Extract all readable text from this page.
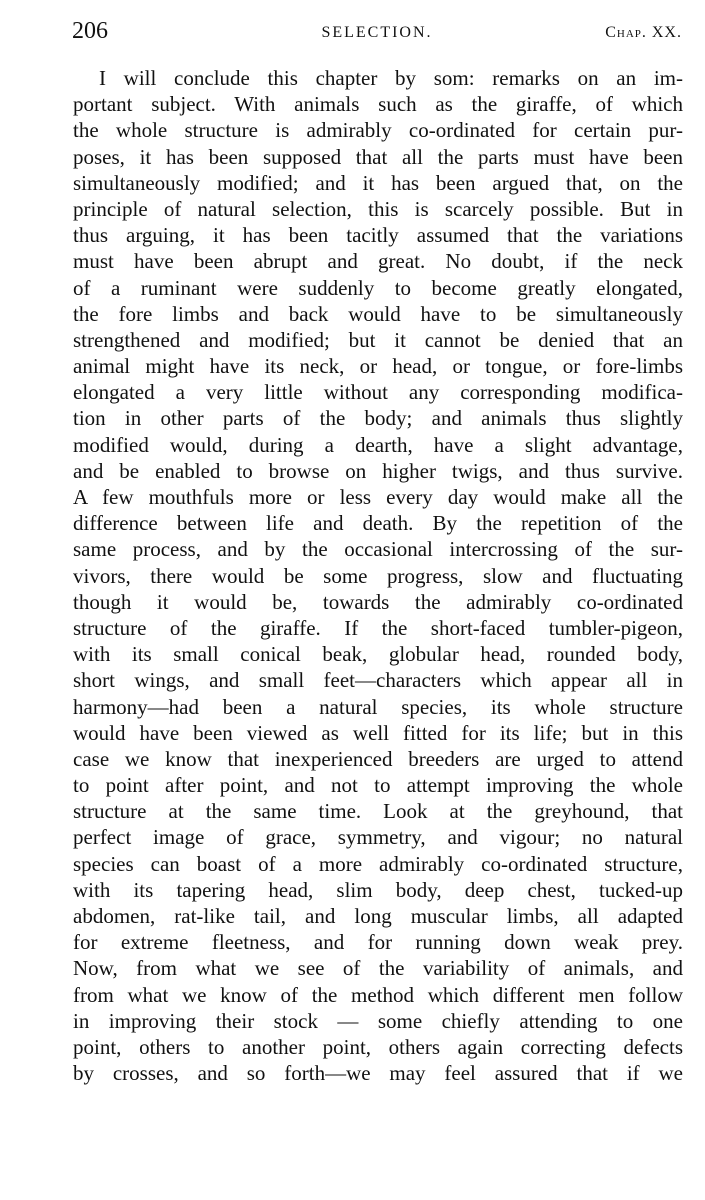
206	SELECTION.	Chap. XX.
I will conclude this chapter by som: remarks on an im-
portant subject. With animals such as the giraffe, of which
the whole structure is admirably co-ordinated for certain pur-
poses, it has been supposed that all the parts must have been
simultaneously modified; and it has been argued that, on the
principle of natural selection, this is scarcely possible. But in
thus arguing, it has been tacitly assumed that the variations
must have been abrupt and great. No doubt, if the neck
of a ruminant were suddenly to become greatly elongated,
the fore limbs and back would have to be simultaneously
strengthened and modified; but it cannot be denied that an
animal might have its neck, or head, or tongue, or fore-limbs
elongated a very little without any corresponding modifica-
tion in other parts of the body; and animals thus slightly
modified would, during a dearth, have a slight advantage,
and be enabled to browse on higher twigs, and thus survive.
A few mouthfuls more or less every day would make all the
difference between life and death. By the repetition of the
same process, and by the occasional intercrossing of the sur-
vivors, there would be some progress, slow and fluctuating
though it would be, towards the admirably co-ordinated
structure of the giraffe. If the short-faced tumbler-pigeon,
with its small conical beak, globular head, rounded body,
short wings, and small feet—characters which appear all in
harmony—had been a natural species, its whole structure
would have been viewed as well fitted for its life; but in this
case we know that inexperienced breeders are urged to attend
to point after point, and not to attempt improving the whole
structure at the same time. Look at the greyhound, that
perfect image of grace, symmetry, and vigour; no natural
species can boast of a more admirably co-ordinated structure,
with its tapering head, slim body, deep chest, tucked-up
abdomen, rat-like tail, and long muscular limbs, all adapted
for extreme fleetness, and for running down weak prey.
Now, from what we see of the variability of animals, and
from what we know of the method which different men follow
in improving their stock — some chiefly attending to one
point, others to another point, others again correcting defects
by crosses, and so forth—we may feel assured that if we
